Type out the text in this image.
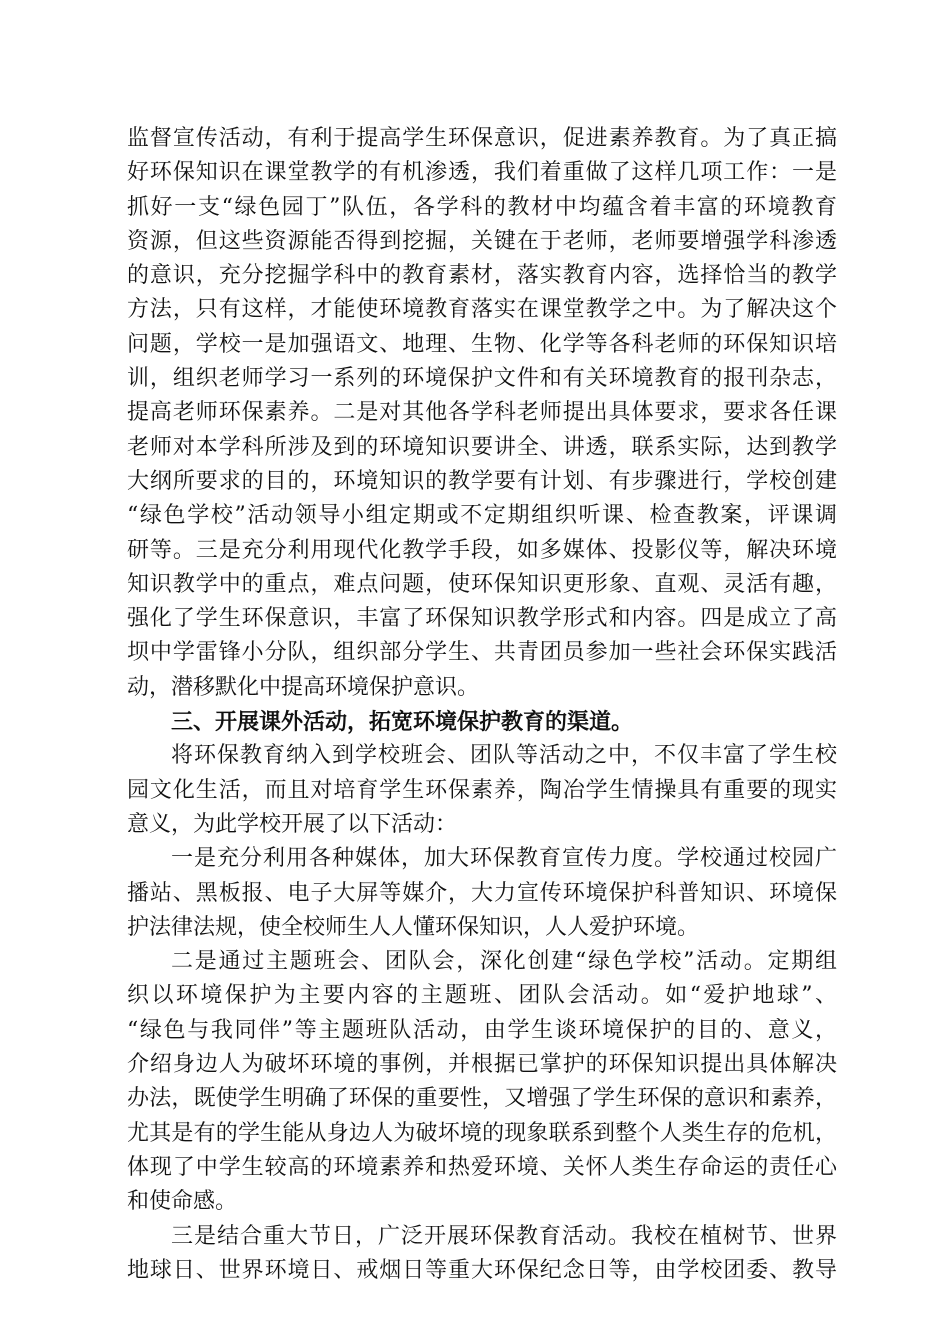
监督宣传活动，有利于提高学生环保意识，促进素养教育。为了真正搞
好环保知识在课堂教学的有机渗透，我们着重做了这样几项工作：一是
抓好一支“绿色园丁”队伍，各学科的教材中均蕴含着丰富的环境教育
资源，但这些资源能否得到挖掘，关键在于老师，老师要增强学科渗透
的意识，充分挖掘学科中的教育素材，落实教育内容，选择恰当的教学
方法，只有这样，才能使环境教育落实在课堂教学之中。为了解决这个
问题，学校一是加强语文、地理、生物、化学等各科老师的环保知识培
训，组织老师学习一系列的环境保护文件和有关环境教育的报刊杂志，
提高老师环保素养。二是对其他各学科老师提出具体要求，要求各任课
老师对本学科所涉及到的环境知识要讲全、讲透，联系实际，达到教学
大纲所要求的目的，环境知识的教学要有计划、有步骤进行，学校创建
“绿色学校”活动领导小组定期或不定期组织听课、检查教案，评课调
研等。三是充分利用现代化教学手段，如多媒体、投影仪等，解决环境
知识教学中的重点，难点问题，使环保知识更形象、直观、灵活有趣，
强化了学生环保意识，丰富了环保知识教学形式和内容。四是成立了高
坝中学雷锋小分队，组织部分学生、共青团员参加一些社会环保实践活
动，潜移默化中提高环境保护意识。
三、开展课外活动，拓宽环境保护教育的渠道。
将环保教育纳入到学校班会、团队等活动之中，不仅丰富了学生校
园文化生活，而且对培育学生环保素养，陶冶学生情操具有重要的现实
意义，为此学校开展了以下活动：
一是充分利用各种媒体，加大环保教育宣传力度。学校通过校园广
播站、黑板报、电子大屏等媒介，大力宣传环境保护科普知识、环境保
护法律法规，使全校师生人人懂环保知识，人人爱护环境。
二是通过主题班会、团队会，深化创建“绿色学校”活动。定期组
织以环境保护为主要内容的主题班、团队会活动。如“爱护地球”、
“绿色与我同伴”等主题班队活动，由学生谈环境保护的目的、意义，
介绍身边人为破坏环境的事例，并根据已掌护的环保知识提出具体解决
办法，既使学生明确了环保的重要性，又增强了学生环保的意识和素养，
尤其是有的学生能从身边人为破坏境的现象联系到整个人类生存的危机，
体现了中学生较高的环境素养和热爱环境、关怀人类生存命运的责任心
和使命感。
三是结合重大节日，广泛开展环保教育活动。我校在植树节、世界
地球日、世界环境日、戒烟日等重大环保纪念日等，由学校团委、教导
